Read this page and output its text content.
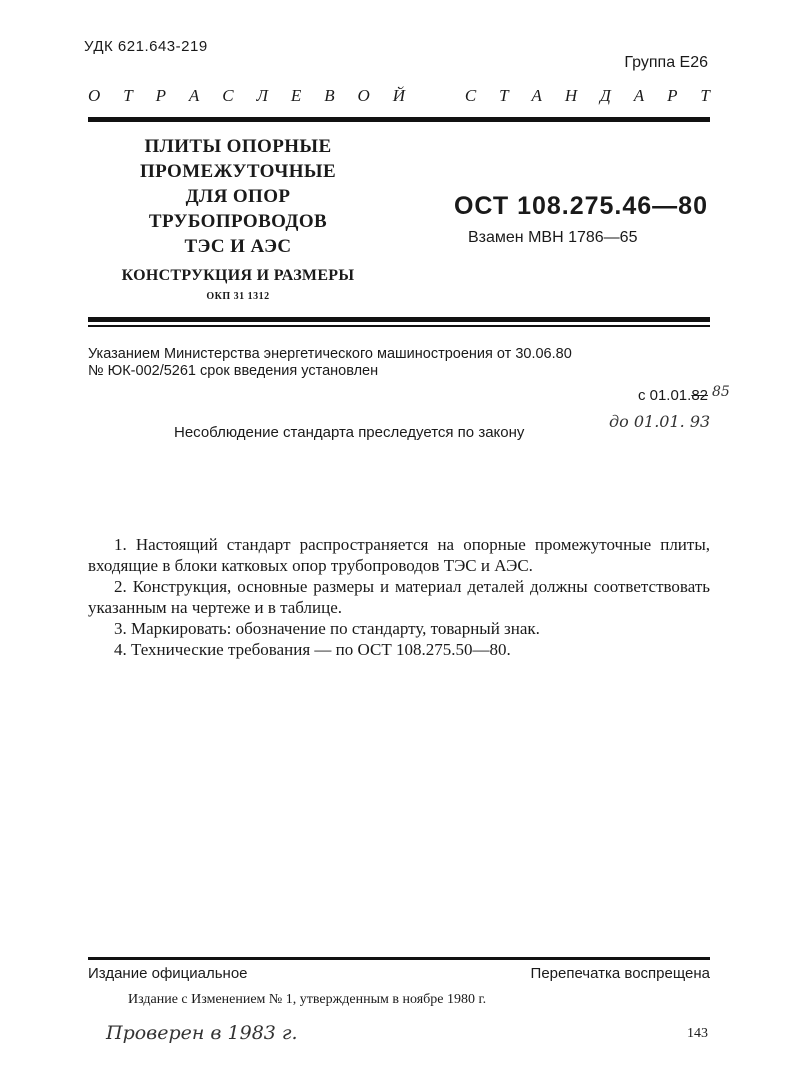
УДК 621.643-219
Группа Е26
О Т Р А С Л Е В О Й	С Т А Н Д А Р Т
ПЛИТЫ ОПОРНЫЕ
ПРОМЕЖУТОЧНЫЕ
ДЛЯ ОПОР
ТРУБОПРОВОДОВ
ТЭС И АЭС
КОНСТРУКЦИЯ И РАЗМЕРЫ
ОКП 31 1312
ОСТ 108.275.46—80
Взамен МВН 1786—65
Указанием Министерства энергетического машиностроения от 30.06.80
№ ЮК-002/5261 срок введения установлен
с 01.01.82 85
до 01.01. 93
Несоблюдение стандарта преследуется по закону

1. Настоящий стандарт распространяется на опорные промежуточные плиты, входящие в блоки катковых опор трубопроводов ТЭС и АЭС.

2. Конструкция, основные размеры и материал деталей должны соответствовать указанным на чертеже и в таблице.

3. Маркировать: обозначение по стандарту, товарный знак.

4. Технические требования — по ОСТ 108.275.50—80.

Издание официальное	Перепечатка воспрещена
Издание с Изменением № 1, утвержденным в ноябре 1980 г.
Проверен в 1983 г.	143
